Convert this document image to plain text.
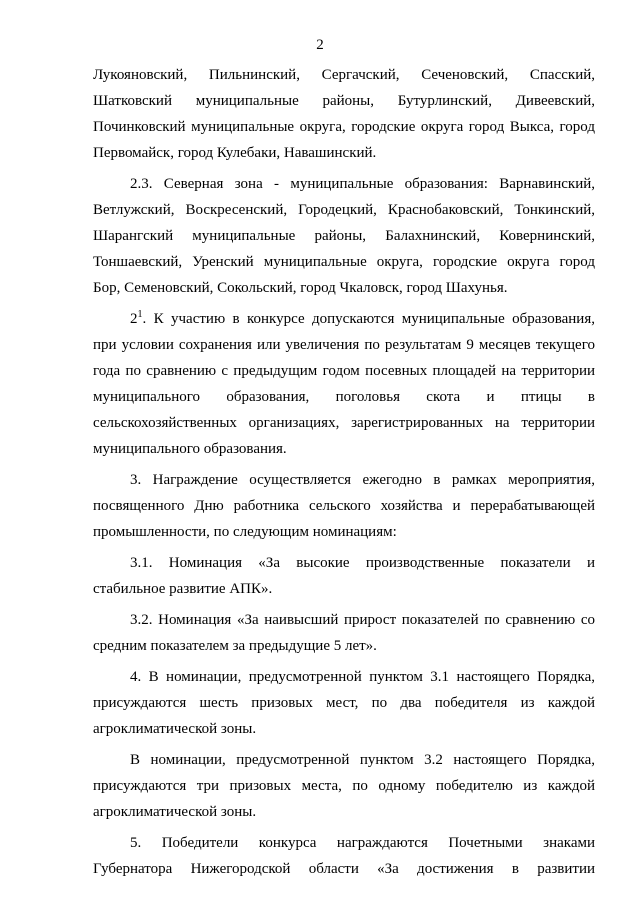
2
Лукояновский, Пильнинский, Сергачский, Сеченовский, Спасский,
Шатковский муниципальные районы, Бутурлинский, Дивеевский,
Починковский муниципальные округа, городские округа город Выкса, город
Первомайск, город Кулебаки, Навашинский.
2.3. Северная зона - муниципальные образования: Варнавинский,
Ветлужский, Воскресенский, Городецкий, Краснобаковский, Тонкинский,
Шарангский муниципальные районы, Балахнинский, Ковернинский,
Тоншаевский, Уренский муниципальные округа, городские округа город
Бор, Семеновский, Сокольский, город Чкаловск, город Шахунья.
$2^1$. К участию в конкурсе допускаются муниципальные образования,
при условии сохранения или увеличения по результатам 9 месяцев текущего
года по сравнению с предыдущим годом посевных площадей на территории
муниципального образования, поголовья скота и птицы в
сельскохозяйственных организациях, зарегистрированных на территории
муниципального образования.
3. Награждение осуществляется ежегодно в рамках мероприятия,
посвященного Дню работника сельского хозяйства и перерабатывающей
промышленности, по следующим номинациям:
3.1. Номинация «За высокие производственные показатели и
стабильное развитие АПК».
3.2. Номинация «За наивысший прирост показателей по сравнению со
средним показателем за предыдущие 5 лет».
4. В номинации, предусмотренной пунктом 3.1 настоящего Порядка,
присуждаются шесть призовых мест, по два победителя из каждой
агроклиматической зоны.
В номинации, предусмотренной пунктом 3.2 настоящего Порядка,
присуждаются три призовых места, по одному победителю из каждой
агроклиматической зоны.
5. Победители конкурса награждаются Почетными знаками
Губернатора Нижегородской области «За достижения в развитии
